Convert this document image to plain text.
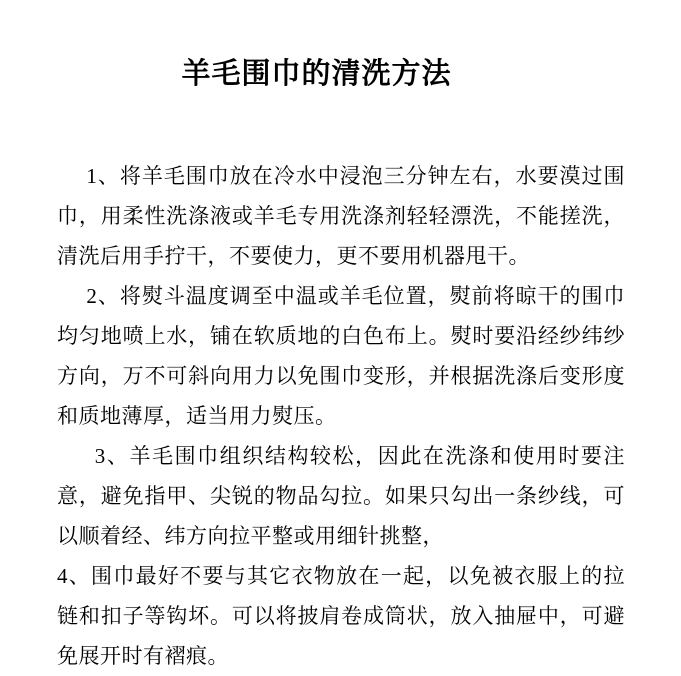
羊毛围巾的清洗方法

1、将羊毛围巾放在冷水中浸泡三分钟左右，水要漠过围巾，用柔性洗涤液或羊毛专用洗涤剂轻轻漂洗，不能搓洗，清洗后用手拧干，不要使力，更不要用机器甩干。

2、将熨斗温度调至中温或羊毛位置，熨前将晾干的围巾均匀地喷上水，铺在软质地的白色布上。熨时要沿经纱纬纱方向，万不可斜向用力以免围巾变形，并根据洗涤后变形度和质地薄厚，适当用力熨压。

3、羊毛围巾组织结构较松，因此在洗涤和使用时要注意，避免指甲、尖锐的物品勾拉。如果只勾出一条纱线，可以顺着经、纬方向拉平整或用细针挑整，

4、围巾最好不要与其它衣物放在一起，以免被衣服上的拉链和扣子等钩坏。可以将披肩卷成筒状，放入抽屉中，可避免展开时有褶痕。
